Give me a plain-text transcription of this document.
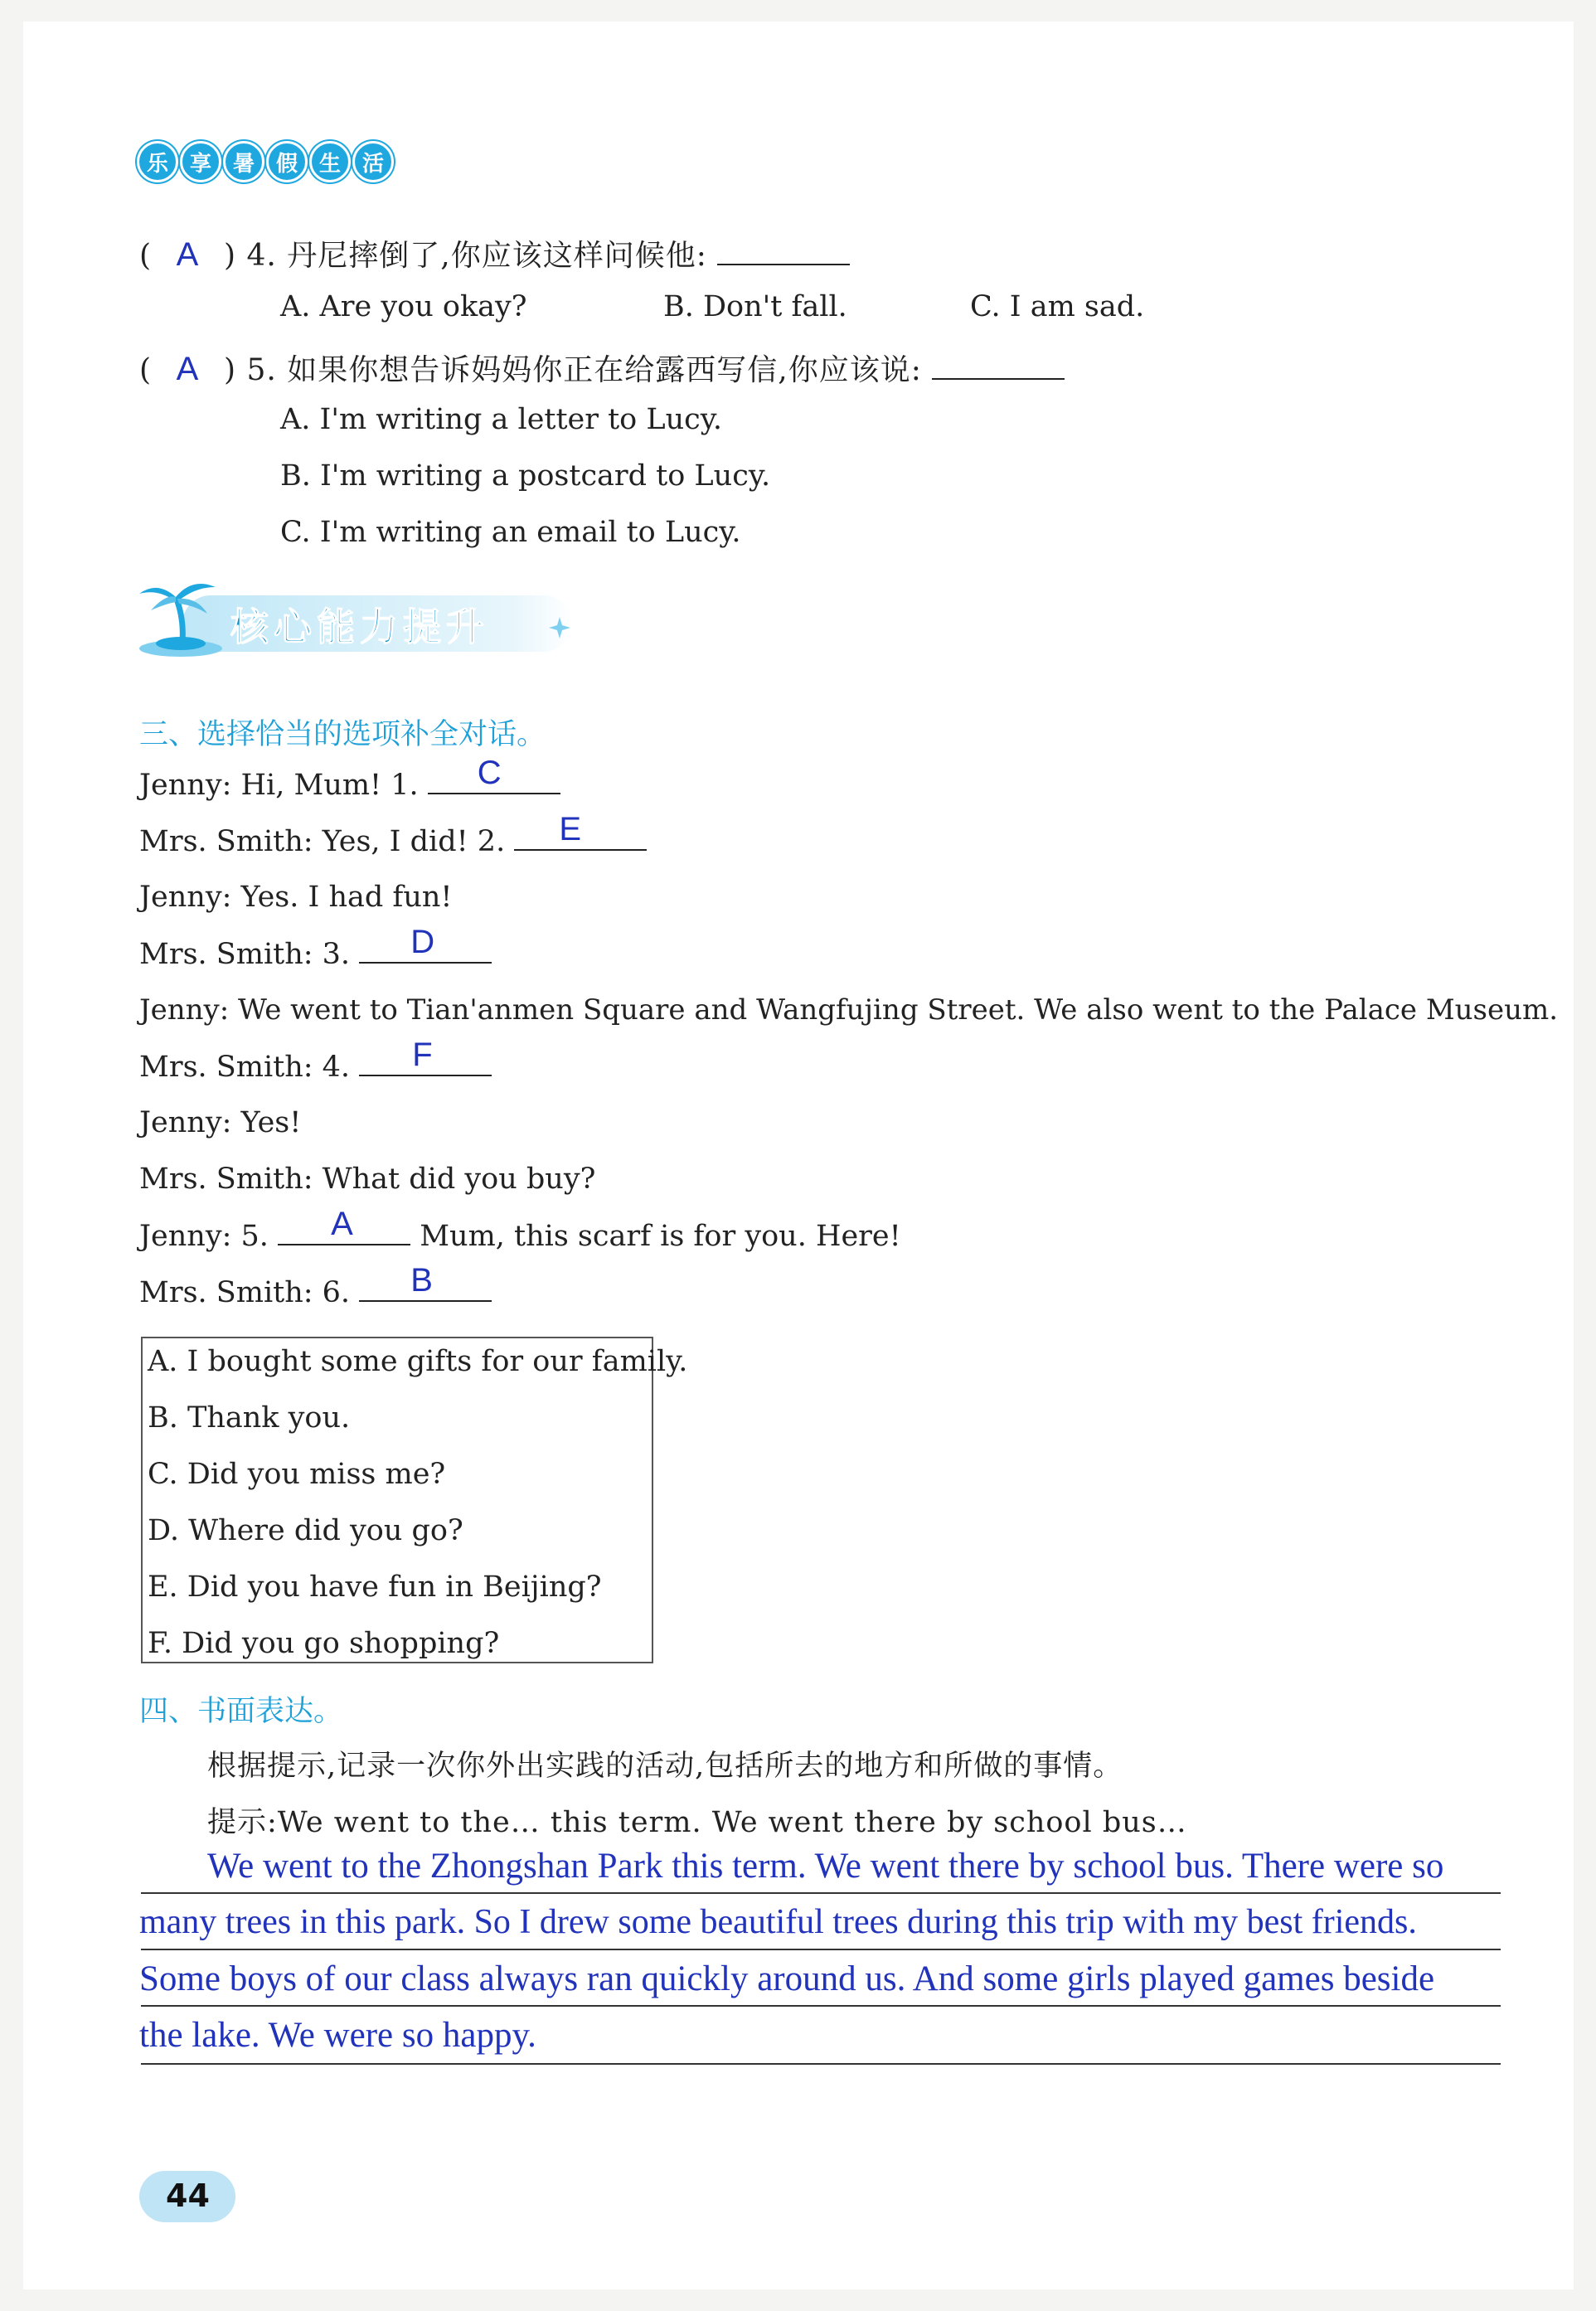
乐 享 暑 假 生 活
( A ) 4. 丹尼摔倒了,你应该这样问候他:
A. Are you okay?	B. Don't fall.	C. I am sad.
( A ) 5. 如果你想告诉妈妈你正在给露西写信,你应该说:
A. I'm writing a letter to Lucy.
B. I'm writing a postcard to Lucy.
C. I'm writing an email to Lucy.
核心能力提升
三、选择恰当的选项补全对话。
Jenny: Hi, Mum! 1. C
Mrs. Smith: Yes, I did! 2. E
Jenny: Yes. I had fun!
Mrs. Smith: 3. D
Jenny: We went to Tian'anmen Square and Wangfujing Street. We also went to the Palace Museum.
Mrs. Smith: 4. F
Jenny: Yes!
Mrs. Smith: What did you buy?
Jenny: 5. A Mum, this scarf is for you. Here!
Mrs. Smith: 6. B
A. I bought some gifts for our family.
B. Thank you.
C. Did you miss me?
D. Where did you go?
E. Did you have fun in Beijing?
F. Did you go shopping?
四、书面表达。
根据提示,记录一次你外出实践的活动,包括所去的地方和所做的事情。
提示:We went to the… this term. We went there by school bus…
We went to the Zhongshan Park this term. We went there by school bus. There were so
many trees in this park. So I drew some beautiful trees during this trip with my best friends.
Some boys of our class always ran quickly around us. And some girls played games beside
the lake. We were so happy.
44
